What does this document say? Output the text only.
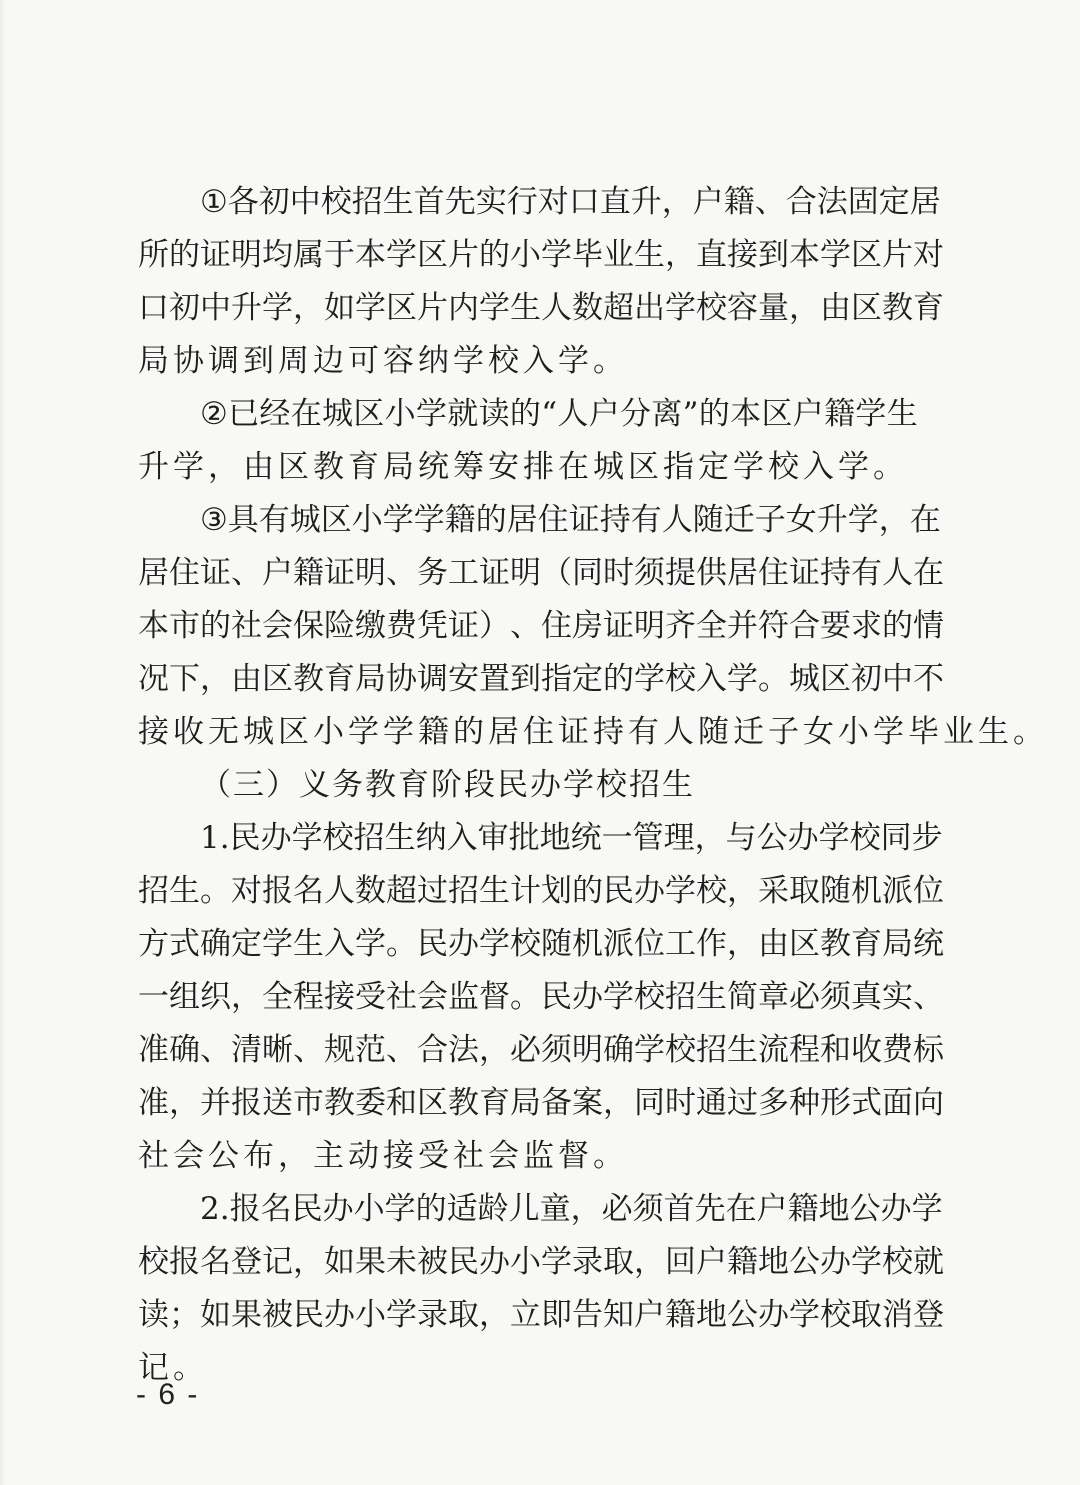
① 各 初 中 校 招 生 首 先 实 行 对 口 直 升 ， 户 籍 、 合 法 固 定 居
所 的 证 明 均 属 于 本 学 区 片 的 小 学 毕 业 生 ， 直 接 到 本 学 区 片 对
口 初 中 升 学 ， 如 学 区 片 内 学 生 人 数 超 出 学 校 容 量 ， 由 区 教 育
局协调到周边可容纳学校入学。
② 已 经 在 城 区 小 学 就 读 的 “ 人 户 分 离 ” 的 本 区 户 籍 学 生
升学，由区教育局统筹安排在城区指定学校入学。
③ 具 有 城 区 小 学 学 籍 的 居 住 证 持 有 人 随 迁 子 女 升 学 ， 在
居 住 证 、 户 籍 证 明 、 务 工 证 明 （ 同 时 须 提 供 居 住 证 持 有 人 在
本 市 的 社 会 保 险 缴 费 凭 证 ） 、 住 房 证 明 齐 全 并 符 合 要 求 的 情
况 下 ， 由 区 教 育 局 协 调 安 置 到 指 定 的 学 校 入 学 。 城 区 初 中 不
接收无城区小学学籍的居住证持有人随迁子女小学毕业生。
（三）义务教育阶段民办学校招生
1 . 民 办 学 校 招 生 纳 入 审 批 地 统 一 管 理 ， 与 公 办 学 校 同 步
招 生 。 对 报 名 人 数 超 过 招 生 计 划 的 民 办 学 校 ， 采 取 随 机 派 位
方 式 确 定 学 生 入 学 。 民 办 学 校 随 机 派 位 工 作 ， 由 区 教 育 局 统
一 组 织 ， 全 程 接 受 社 会 监 督 。 民 办 学 校 招 生 简 章 必 须 真 实 、
准 确 、 清 晰 、 规 范 、 合 法 ， 必 须 明 确 学 校 招 生 流 程 和 收 费 标
准 ， 并 报 送 市 教 委 和 区 教 育 局 备 案 ， 同 时 通 过 多 种 形 式 面 向
社会公布，主动接受社会监督。
2 . 报 名 民 办 小 学 的 适 龄 儿 童 ， 必 须 首 先 在 户 籍 地 公 办 学
校 报 名 登 记 ， 如 果 未 被 民 办 小 学 录 取 ， 回 户 籍 地 公 办 学 校 就
读 ； 如 果 被 民 办 小 学 录 取 ， 立 即 告 知 户 籍 地 公 办 学 校 取 消 登
记。
- 6 -
